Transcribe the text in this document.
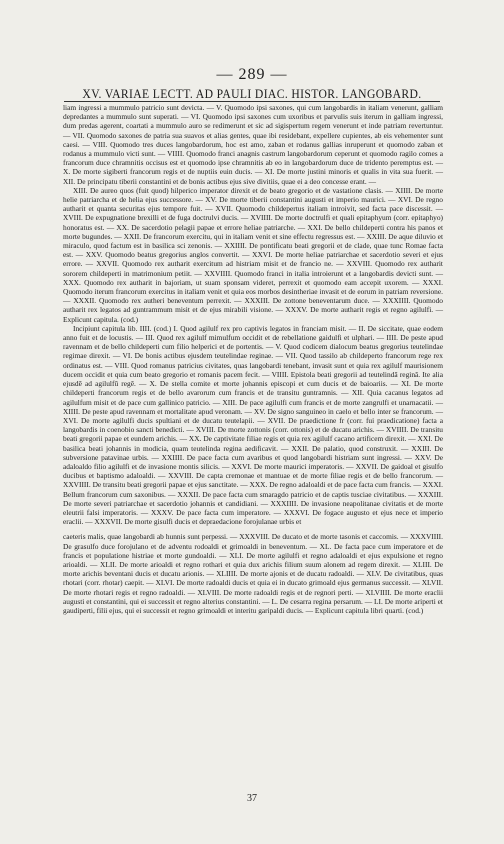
— 289 —
XV. VARIAE LECTT. AD PAULI DIAC. HISTOR. LANGOBARD.

liam ingressi a mummulo patricio sunt devicta. — V. Quomodo ipsi saxones, qui cum langobardis in italiam venerunt, galliam depredantes a mummulo sunt superati. — VI. Quomodo ipsi saxones cum uxoribus et parvulis suis iterum in galliam ingressi, dum predas agerent, coartati a mummulo auro se redimerunt et sic ad sigispertum regem venerunt et inde patriam revertuntur. — VII. Quomodo saxones de patria sua suavos et alias gentes, quae ibi residebant, expellere cupientes, ab eis vehementer sunt caesi. — VIII. Quomodo tres duces langobardorum, hoc est amo, zaban et rodanus gallias inruperunt et quomodo zaban et rodanus a mummulo victi sunt. — VIIII. Quomodo franci anagnis castrum langobardorum ceperunt et quomodo ragilo comes a francorum duce chramnitis occisus est et quomodo ipse chramnitis ab eo in langobardorum duce de tridento peremptus est. — X. De morte sigiberti francorum regis et de nuptiis euin ducis. — XI. De morte justini minoris et qualis in vita sua fuerit. — XII. De principatu tiberii constantini et de bonis actibus ejus sive divitiis, quae ei a deo concesse erant. —

XIII. De aureo quos (fuit quod) hilperico imperator direxit et de beato gregorio et de vastatione clasis. — XIIII. De morte helie patriarcha et de helia ejus successore. — XV. De morte tiberii constantini augusti et imperio maurici. — XVI. De regno autharit et quanta securitas ejus tempore fuit. — XVII. Quomodo childepertus italiam introivit, sed facta pace discessit. — XVIII. De expugnatione brexilli et de fuga doctrulvi ducis. — XVIIII. De morte doctrulfi et quali epitaphyum (corr. epitaphyo) honoratus est. — XX. De sacerdotio pelagii papae et errore heliae patriarche. — XXI. De bello childeperti contra his panos et morte bugundes. — XXII. De francorum exercitu, qui in italiam venit et sine effectu regressus est. — XXIII. De aque diluvio et miraculo, quod factum est in basilica sci zenonis. — XXIIII. De pontificatu beati gregorii et de clade, quae tunc Romae facta est. — XXV. Quomodo beatus gregorius anglos convertit. — XXVI. De morte heliae patriarchae et sacerdotio severi et ejus errore. — XXVII. Quomodo rex autharit exercitum ad histriam misit et de francio ne. — XXVIII. Quomodo rex autharit sororem childeperti in matrimonium petiit. — XXVIIII. Quomodo franci in italia introierunt et a langobardis devicti sunt. — XXX. Quomodo rex autharit in bajoriam, ut suam sponsam videret, perrexit et quomodo eam accepit uxorem. — XXXI. Quomodo iterum francorum exercitus in italiam venit et quia eos morbos desintheriae invasit et de eorum in patriam reversione. — XXXII. Quomodo rex autheri beneventum perrexit. — XXXIII. De zottone beneventarum duce. — XXXIIII. Quomodo autharit rex legatos ad guntrammum misit et de ejus mirabili visione. — XXXV. De morte autharit regis et regno agilulfi. — Explicunt capitula. (cod.)

Incipiunt capitula lib. IIII. (cod.) I. Quod agilulf rex pro captivis legatos in franciam misit. — II. De siccitate, quae eodem anno fuit et de locustis. — III. Quod rex agilulf mimulfum occidit et de rebellatione gaidulfi et ulphari. — IIII. De peste apud ravennam et de bello childeperti cum filio helperici et de portentis. — V. Quod codicem dialocum beatus gregorius teutelindae regimae direxit. — VI. De bonis actibus ejusdem teutelindae reginae. — VII. Quod tassilo ab childeperto francorum rege rex ordinatus est. — VIII. Quod romanus patricius civitates, quas langobardi tenebant, invasit sunt et quia rex agilulf maurisionem ducem occidit et quia cum beato gregorio et romanis pacem fecit. — VIIII. Epistola beati gregorii ad teutelindā reginā. Ite alia ejusdē ad agilulfū regē. — X. De stella comite et morte johannis episcopi et cum ducis et de baioariis. — XI. De morte childeperti francorum regis et de bello avarorum cum francis et de transitu guntramnis. — XII. Quia cacanus legatos ad agilulfum misit et de pace cum gallinico patricio. — XIII. De pace agilulfi cum francis et de morte zangrulfi et unarnacatii. — XIIII. De peste apud ravennam et mortalitate apud veronam. — XV. De signo sanguineo in caelo et bello inter se francorum. — XVI. De morte agilulfi ducis spultiani et de ducatu teutelapii. — XVII. De praedictione fr (corr. fui praedicatione) facta a langobardis in coenobio sancti benedicti. — XVIII. De morte zottonis (corr. ottonis) et de ducatu arichis. — XVIIII. De transitu beati gregorii papae et eundem arichis. — XX. De captivitate filiae regis et quia rex agilulf cacano artificem direxit. — XXI. De basilica beati johannis in modicia, quam teutelinda regina aedificavit. — XXII. De palatio, quod construxit. — XXIII. De subversione patavinae urbis. — XXIIII. De pace facta cum avaribus et quod langobardi histriam sunt ingressi. — XXV. De adaloaldo filio agilulfi et de invasione montis silicis. — XXVI. De morte maurici imperatoris. — XXVII. De gaidoal et gisulfo ducibus et baptismo adaloaldi. — XXVIII. De capta cremonae et mantuae et de morte filiae regis et de bello francorum. — XXVIIII. De transitu beati gregorii papae et ejus sanctitate. — XXX. De regno adaloaldi et de pace facta cum francis. — XXXI. Bellum francorum cum saxonibus. — XXXII. De pace facta cum smaragdo patricio et de captis tusciae civitatibus. — XXXIII. De morte severi patriarchae et sacerdotio johannis et candidiani. — XXXIIII. De invasione neapolitanae civitatis et de morte eleutrii falsi imperatoris. — XXXV. De pace facta cum imperatore. — XXXVI. De fogace augusto et ejus nece et imperio eraclii. — XXXVII. De morte gisulfi ducis et depraedacione forojulanae urbis et

caeteris malis, quae langobardi ab hunnis sunt perpessi. — XXXVIII. De ducato et de morte tasonis et caccomis. — XXXVIIII. De grasulfo duce forojulano et de adventu rodoaldi et grimoaldi in beneventum. — XL. De facta pace cum imperatore et de francis et populatione histriae et morte gundoaldi. — XLI. De morte agilulfi et regno adaloaldi et ejus expulsione et regno arioaldi. — XLII. De morte arioaldi et regno rothari et quia dux arichis filium suum alonem ad regem direxit. — XLIII. De morte arichis beventani ducis et ducatu arionis. — XLIIII. De morte ajonis et de ducatu radoaldi. — XLV. De civitatibus, quas rhotari (corr. rhotar) caepit. — XLVI. De morte radoaldi ducis et quia ei in ducato grimoald ejus germanus successit. — XLVII. De morte rhotari regis et regno radoaldi. — XLVIII. De morte radoaldi regis et de regnori perti. — XLVIIII. De morte eraclii augusti et constantini, qui ei successit et regno alterius constantini. — L. De cesarra regina persarum. — LI. De morte ariperti et gaudiperti, filii ejus, qui ei successit et regno grimoaldi et interitu garipaldi ducis. — Explicunt capitula libri quarti. (cod.)

37
